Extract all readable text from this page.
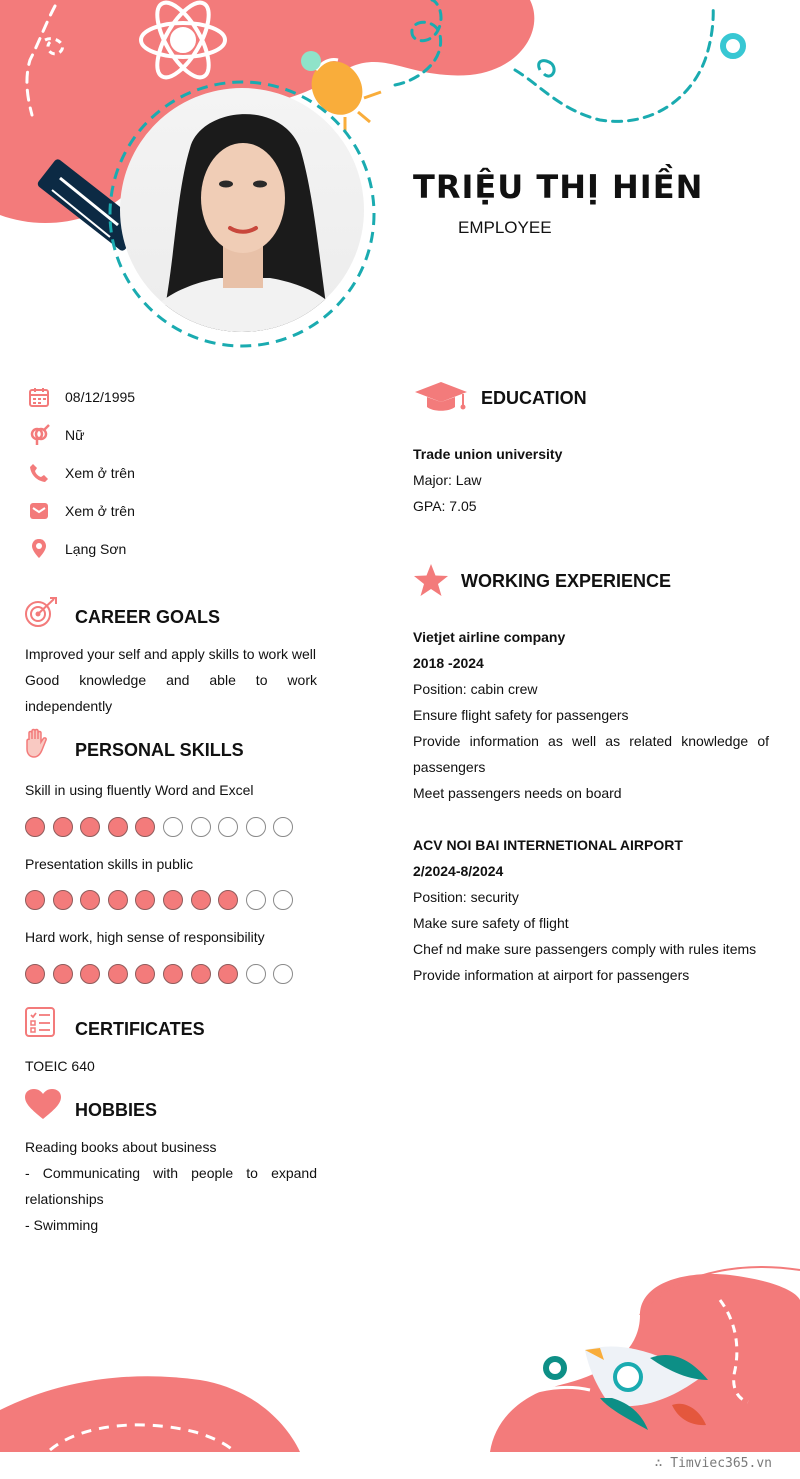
TRIỆU THỊ HIỀN
EMPLOYEE
08/12/1995
Nữ
Xem ở trên
Xem ở trên
Lạng Sơn
CAREER GOALS
Improved your self and apply skills to work well
Good knowledge and able to work independently
PERSONAL SKILLS
Skill in using fluently Word and Excel
Presentation skills in public
Hard work, high sense of responsibility
CERTIFICATES
TOEIC 640
HOBBIES
Reading books about business
- Communicating with people to expand relationships
- Swimming
EDUCATION
Trade union university
Major: Law
GPA: 7.05
WORKING EXPERIENCE
Vietjet airline company
2018 -2024
Position: cabin crew
Ensure flight safety for passengers
Provide information as well as related knowledge of passengers
Meet passengers needs on board
ACV NOI BAI INTERNETIONAL AIRPORT
2/2024-8/2024
Position: security
Make sure safety of flight
Chef nd make sure passengers comply with rules items
Provide information at airport for passengers
∴ Timviec365.vn
